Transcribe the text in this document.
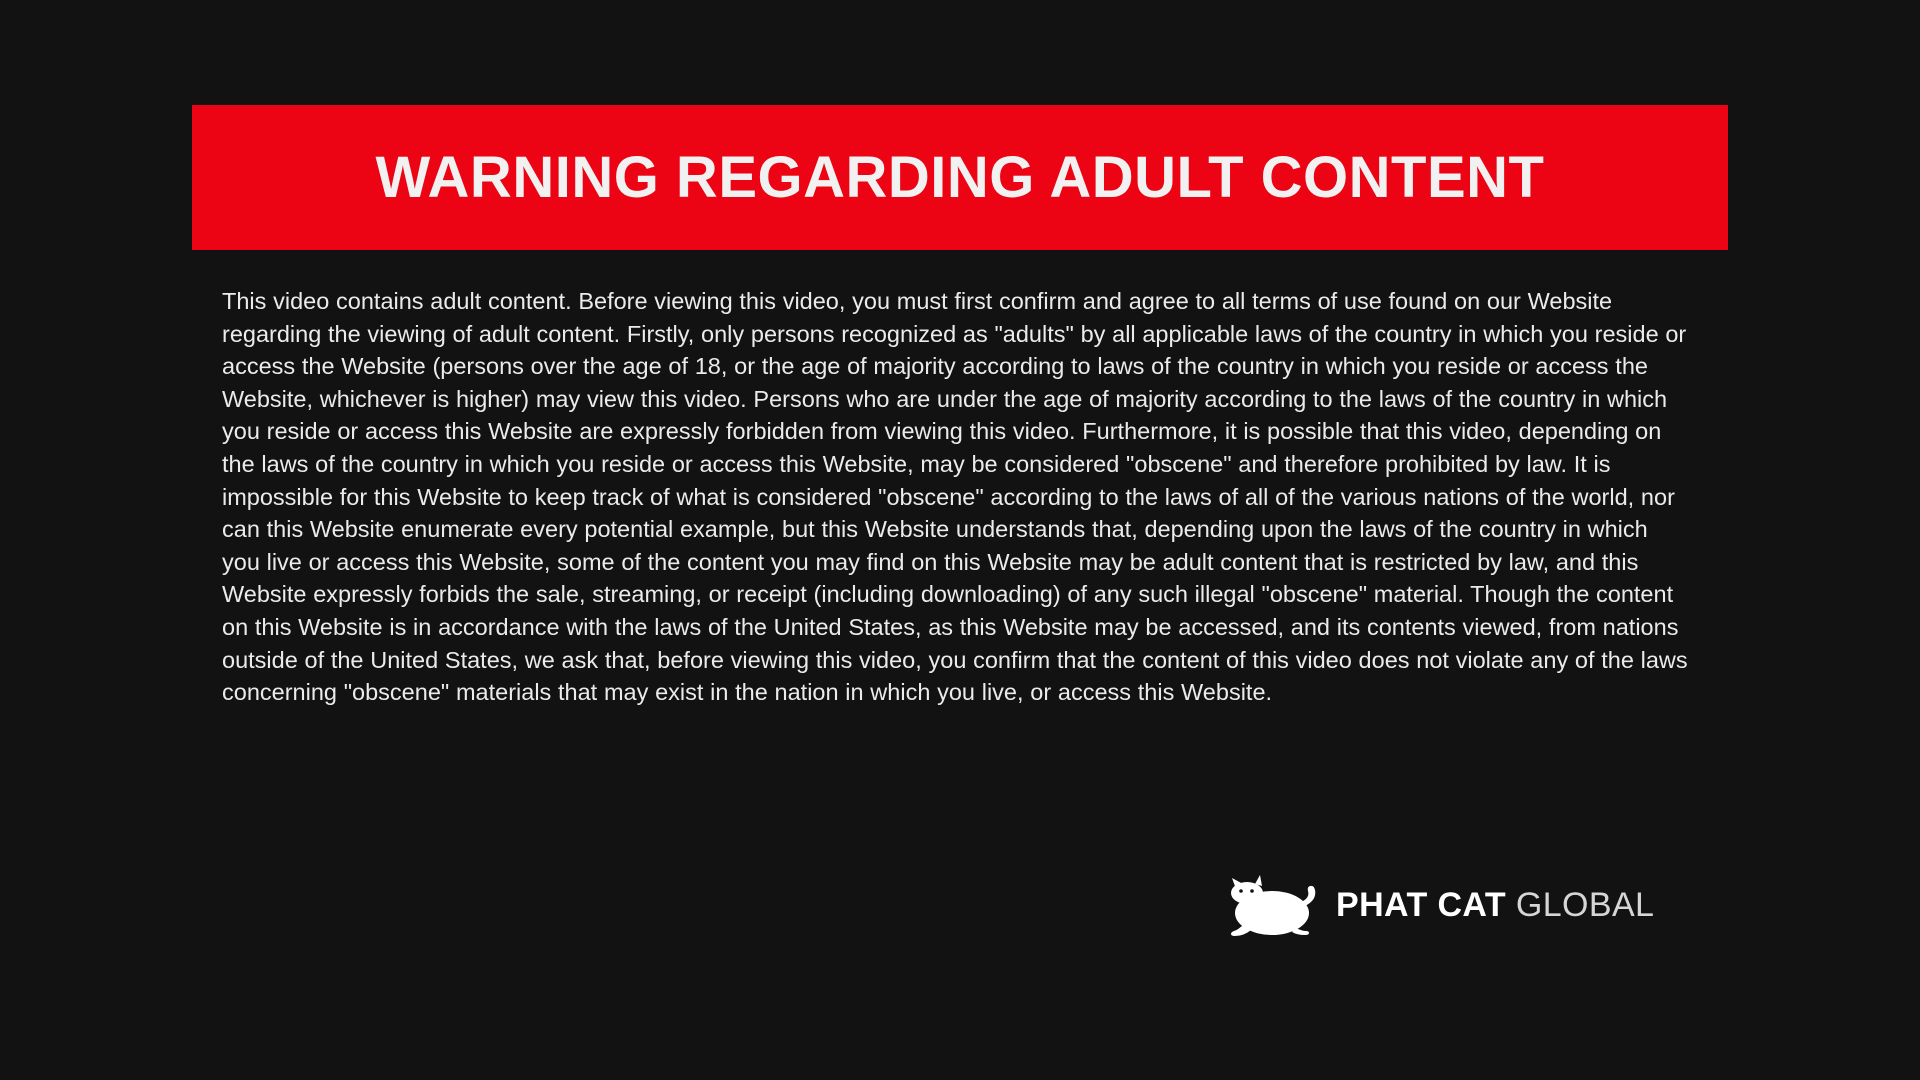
WARNING REGARDING ADULT CONTENT
This video contains adult content. Before viewing this video, you must first confirm and agree to all terms of use found on our Website regarding the viewing of adult content. Firstly, only persons recognized as "adults" by all applicable laws of the country in which you reside or access the Website (persons over the age of 18, or the age of majority according to laws of the country in which you reside or access the Website, whichever is higher) may view this video. Persons who are under the age of majority according to the laws of the country in which you reside or access this Website are expressly forbidden from viewing this video. Furthermore, it is possible that this video, depending on the laws of the country in which you reside or access this Website, may be considered "obscene" and therefore prohibited by law. It is impossible for this Website to keep track of what is considered "obscene" according to the laws of all of the various nations of the world, nor can this Website enumerate every potential example, but this Website understands that, depending upon the laws of the country in which you live or access this Website, some of the content you may find on this Website may be adult content that is restricted by law, and this Website expressly forbids the sale, streaming, or receipt (including downloading) of any such illegal "obscene" material. Though the content on this Website is in accordance with the laws of the United States, as this Website may be accessed, and its contents viewed, from nations outside of the United States, we ask that, before viewing this video, you confirm that the content of this video does not violate any of the laws concerning "obscene" materials that may exist in the nation in which you live, or access this Website.
PHAT CAT GLOBAL
